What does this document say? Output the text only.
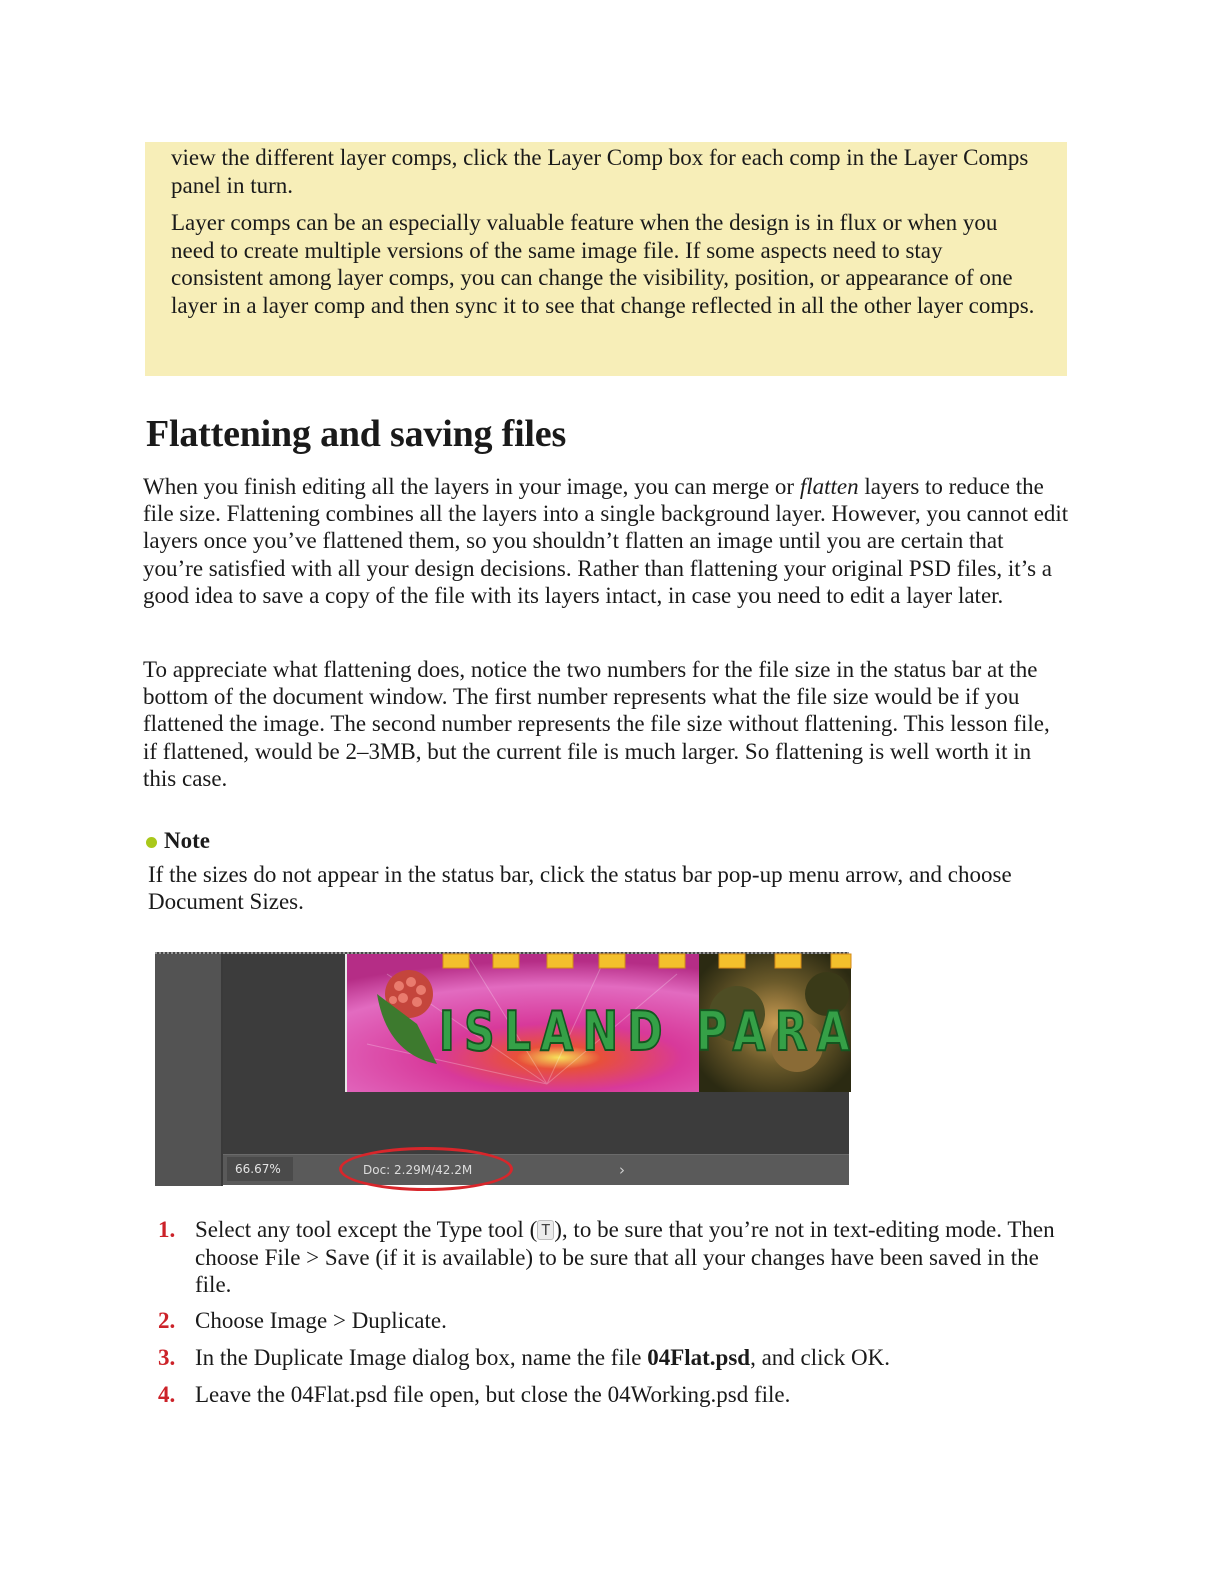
view the different layer comps, click the Layer Comp box for each comp in the Layer Comps panel in turn.

Layer comps can be an especially valuable feature when the design is in flux or when you need to create multiple versions of the same image file. If some aspects need to stay consistent among layer comps, you can change the visibility, position, or appearance of one layer in a layer comp and then sync it to see that change reflected in all the other layer comps.

Flattening and saving files

When you finish editing all the layers in your image, you can merge or flatten layers to reduce the file size. Flattening combines all the layers into a single background layer. However, you cannot edit layers once you’ve flattened them, so you shouldn’t flatten an image until you are certain that you’re satisfied with all your design decisions. Rather than flattening your original PSD files, it’s a good idea to save a copy of the file with its layers intact, in case you need to edit a layer later.

To appreciate what flattening does, notice the two numbers for the file size in the status bar at the bottom of the document window. The first number represents what the file size would be if you flattened the image. The second number represents the file size without flattening. This lesson file, if flattened, would be 2–3MB, but the current file is much larger. So flattening is well worth it in this case.

Note

If the sizes do not appear in the status bar, click the status bar pop-up menu arrow, and choose Document Sizes.

ISLAND PARA
66.67%	Doc: 2.29M/42.2M	›
1. Select any tool except the Type tool ( T ), to be sure that you’re not in text-editing mode. Then choose File > Save (if it is available) to be sure that all your changes have been saved in the file.
2. Choose Image > Duplicate.
3. In the Duplicate Image dialog box, name the file 04Flat.psd, and click OK.
4. Leave the 04Flat.psd file open, but close the 04Working.psd file.
